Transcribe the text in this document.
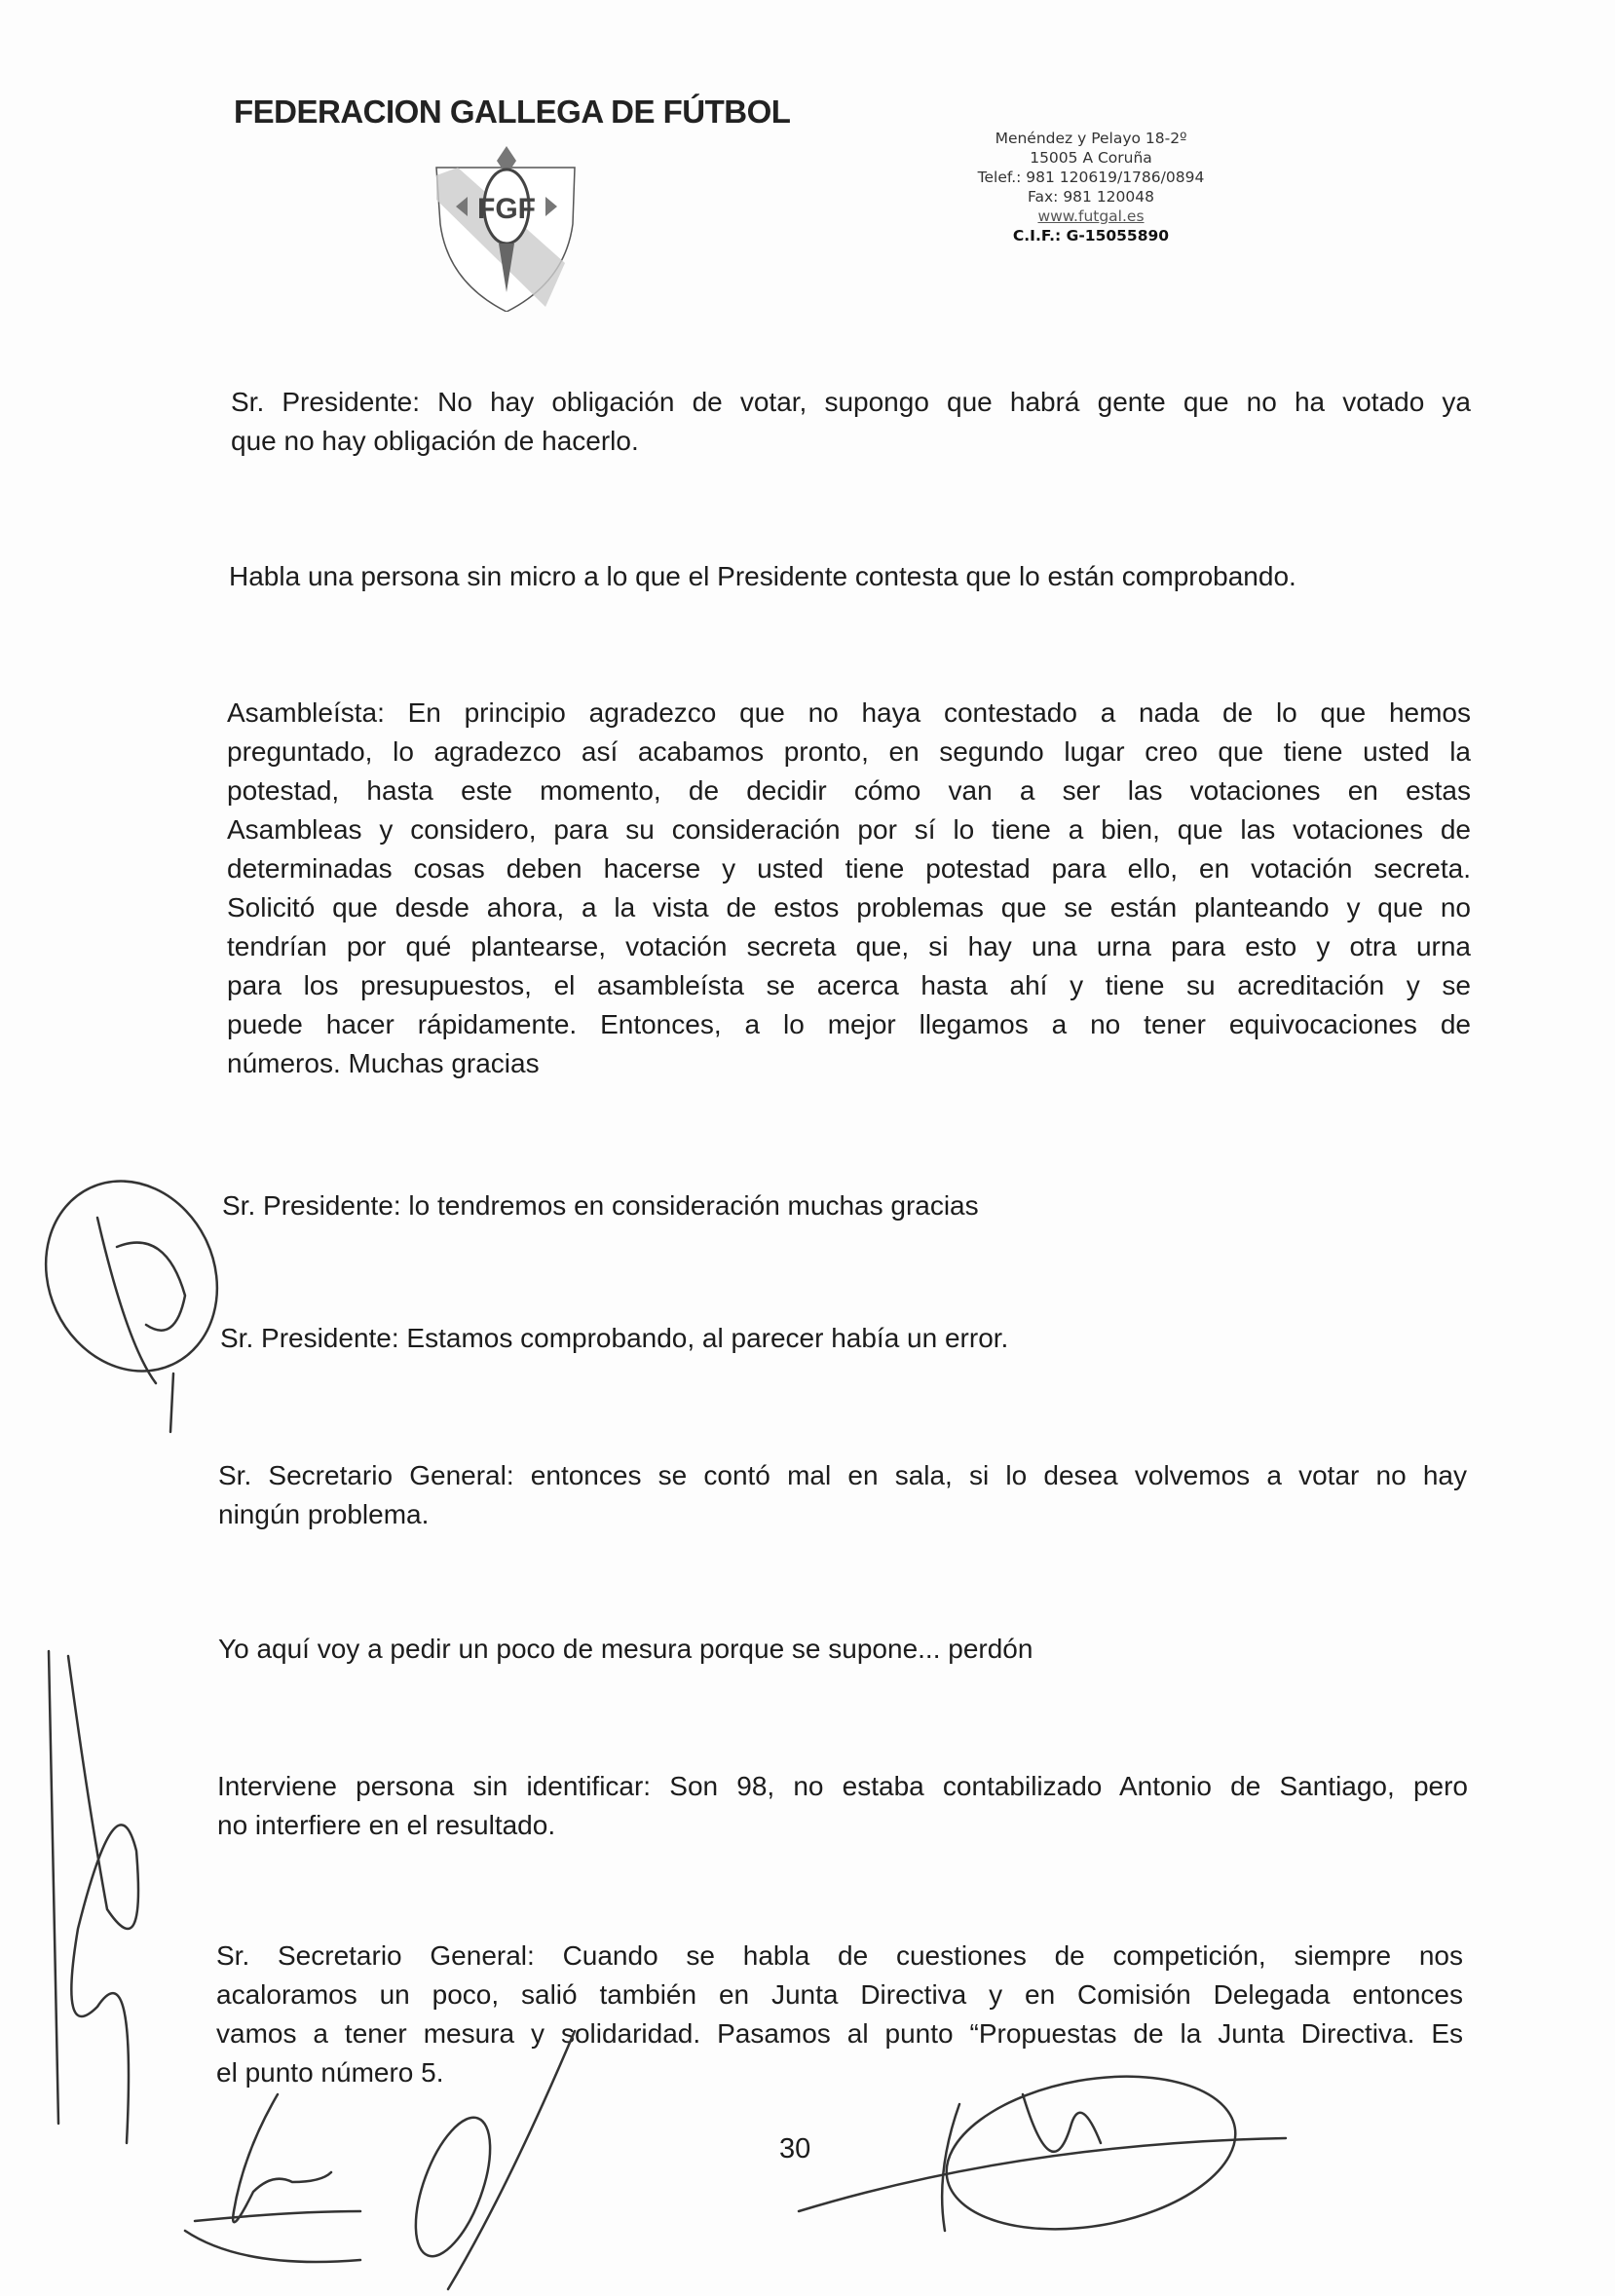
FEDERACION GALLEGA DE FÚTBOL
FGF
Menéndez y Pelayo 18-2º
15005 A Coruña
Telef.: 981 120619/1786/0894
Fax: 981 120048
www.futgal.es
C.I.F.: G-15055890
Sr. Presidente: No hay obligación de votar, supongo que habrá gente que no ha votado ya
que no hay obligación de hacerlo.
Habla una persona sin micro a lo que el Presidente contesta que lo están comprobando.
Asambleísta: En principio agradezco que no haya contestado a nada de lo que hemos
preguntado, lo agradezco así acabamos pronto, en segundo lugar creo que tiene usted la
potestad, hasta este momento, de decidir cómo van a ser las votaciones en estas
Asambleas y considero, para su consideración por sí lo tiene a bien, que las votaciones de
determinadas cosas deben hacerse y usted tiene potestad para ello, en votación secreta.
Solicitó que desde ahora, a la vista de estos problemas que se están planteando y que no
tendrían por qué plantearse, votación secreta que, si hay una urna para esto y otra urna
para los presupuestos, el asambleísta se acerca hasta ahí y tiene su acreditación y se
puede hacer rápidamente. Entonces, a lo mejor llegamos a no tener equivocaciones de
números. Muchas gracias
Sr. Presidente: lo tendremos en consideración muchas gracias
Sr. Presidente: Estamos comprobando, al parecer había un error.
Sr. Secretario General: entonces se contó mal en sala, si lo desea volvemos a votar no hay
ningún problema.
Yo aquí voy a pedir un poco de mesura porque se supone... perdón
Interviene persona sin identificar: Son 98, no estaba contabilizado Antonio de Santiago, pero
no interfiere en el resultado.
Sr. Secretario General: Cuando se habla de cuestiones de competición, siempre nos
acaloramos un poco, salió también en Junta Directiva y en Comisión Delegada entonces
vamos a tener mesura y solidaridad. Pasamos al punto “Propuestas de la Junta Directiva. Es
el punto número 5.
30
